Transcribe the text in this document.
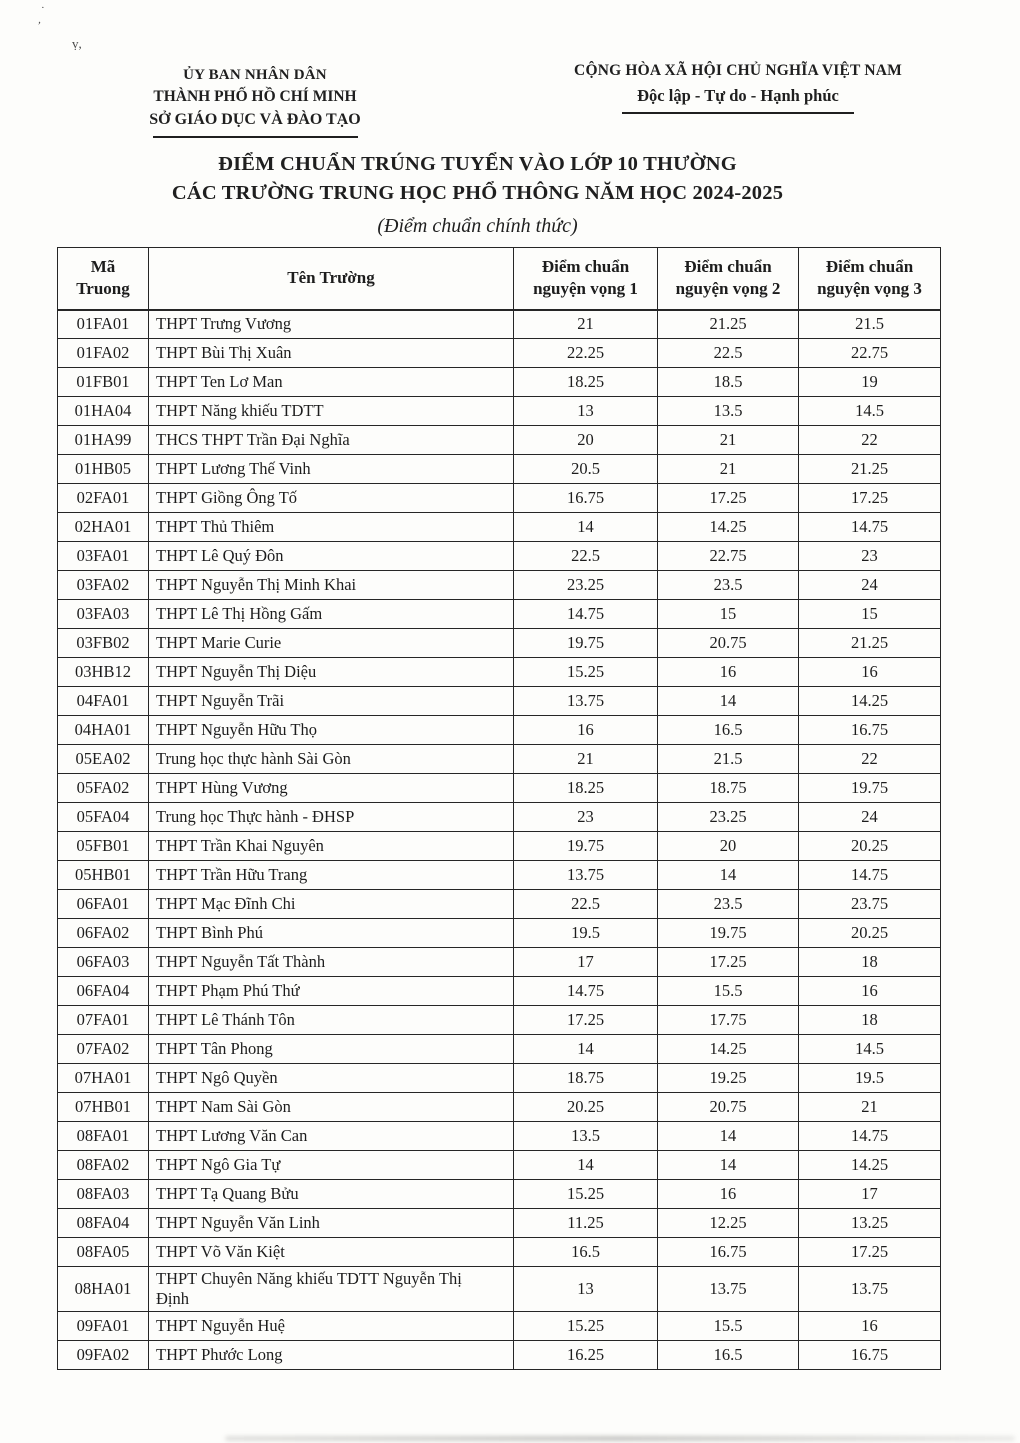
·
’
ṿ,
ỦY BAN NHÂN DÂN
THÀNH PHỐ HỒ CHÍ MINH
SỞ GIÁO DỤC VÀ ĐÀO TẠO
CỘNG HÒA XÃ HỘI CHỦ NGHĨA VIỆT NAM
Độc lập - Tự do - Hạnh phúc
ĐIỂM CHUẨN TRÚNG TUYỂN VÀO LỚP 10 THƯỜNG
CÁC TRƯỜNG TRUNG HỌC PHỔ THÔNG NĂM HỌC 2024-2025
(Điểm chuẩn chính thức)
Mã Truong	Tên Trường	Điểm chuẩn nguyện vọng 1	Điểm chuẩn nguyện vọng 2	Điểm chuẩn nguyện vọng 3
01FA01	THPT Trưng Vương	21	21.25	21.5
01FA02	THPT Bùi Thị Xuân	22.25	22.5	22.75
01FB01	THPT Ten Lơ Man	18.25	18.5	19
01HA04	THPT Năng khiếu TDTT	13	13.5	14.5
01HA99	THCS THPT Trần Đại Nghĩa	20	21	22
01HB05	THPT Lương Thế Vinh	20.5	21	21.25
02FA01	THPT Giồng Ông Tố	16.75	17.25	17.25
02HA01	THPT Thủ Thiêm	14	14.25	14.75
03FA01	THPT Lê Quý Đôn	22.5	22.75	23
03FA02	THPT Nguyễn Thị Minh Khai	23.25	23.5	24
03FA03	THPT Lê Thị Hồng Gấm	14.75	15	15
03FB02	THPT Marie Curie	19.75	20.75	21.25
03HB12	THPT Nguyễn Thị Diệu	15.25	16	16
04FA01	THPT Nguyễn Trãi	13.75	14	14.25
04HA01	THPT Nguyễn Hữu Thọ	16	16.5	16.75
05EA02	Trung học thực hành Sài Gòn	21	21.5	22
05FA02	THPT Hùng Vương	18.25	18.75	19.75
05FA04	Trung học Thực hành - ĐHSP	23	23.25	24
05FB01	THPT Trần Khai Nguyên	19.75	20	20.25
05HB01	THPT Trần Hữu Trang	13.75	14	14.75
06FA01	THPT Mạc Đĩnh Chi	22.5	23.5	23.75
06FA02	THPT Bình Phú	19.5	19.75	20.25
06FA03	THPT Nguyễn Tất Thành	17	17.25	18
06FA04	THPT Phạm Phú Thứ	14.75	15.5	16
07FA01	THPT Lê Thánh Tôn	17.25	17.75	18
07FA02	THPT Tân Phong	14	14.25	14.5
07HA01	THPT Ngô Quyền	18.75	19.25	19.5
07HB01	THPT Nam Sài Gòn	20.25	20.75	21
08FA01	THPT Lương Văn Can	13.5	14	14.75
08FA02	THPT Ngô Gia Tự	14	14	14.25
08FA03	THPT Tạ Quang Bửu	15.25	16	17
08FA04	THPT Nguyễn Văn Linh	11.25	12.25	13.25
08FA05	THPT Võ Văn Kiệt	16.5	16.75	17.25
08HA01	THPT Chuyên Năng khiếu TDTT Nguyễn Thị Định	13	13.75	13.75
09FA01	THPT Nguyễn Huệ	15.25	15.5	16
09FA02	THPT Phước Long	16.25	16.5	16.75
